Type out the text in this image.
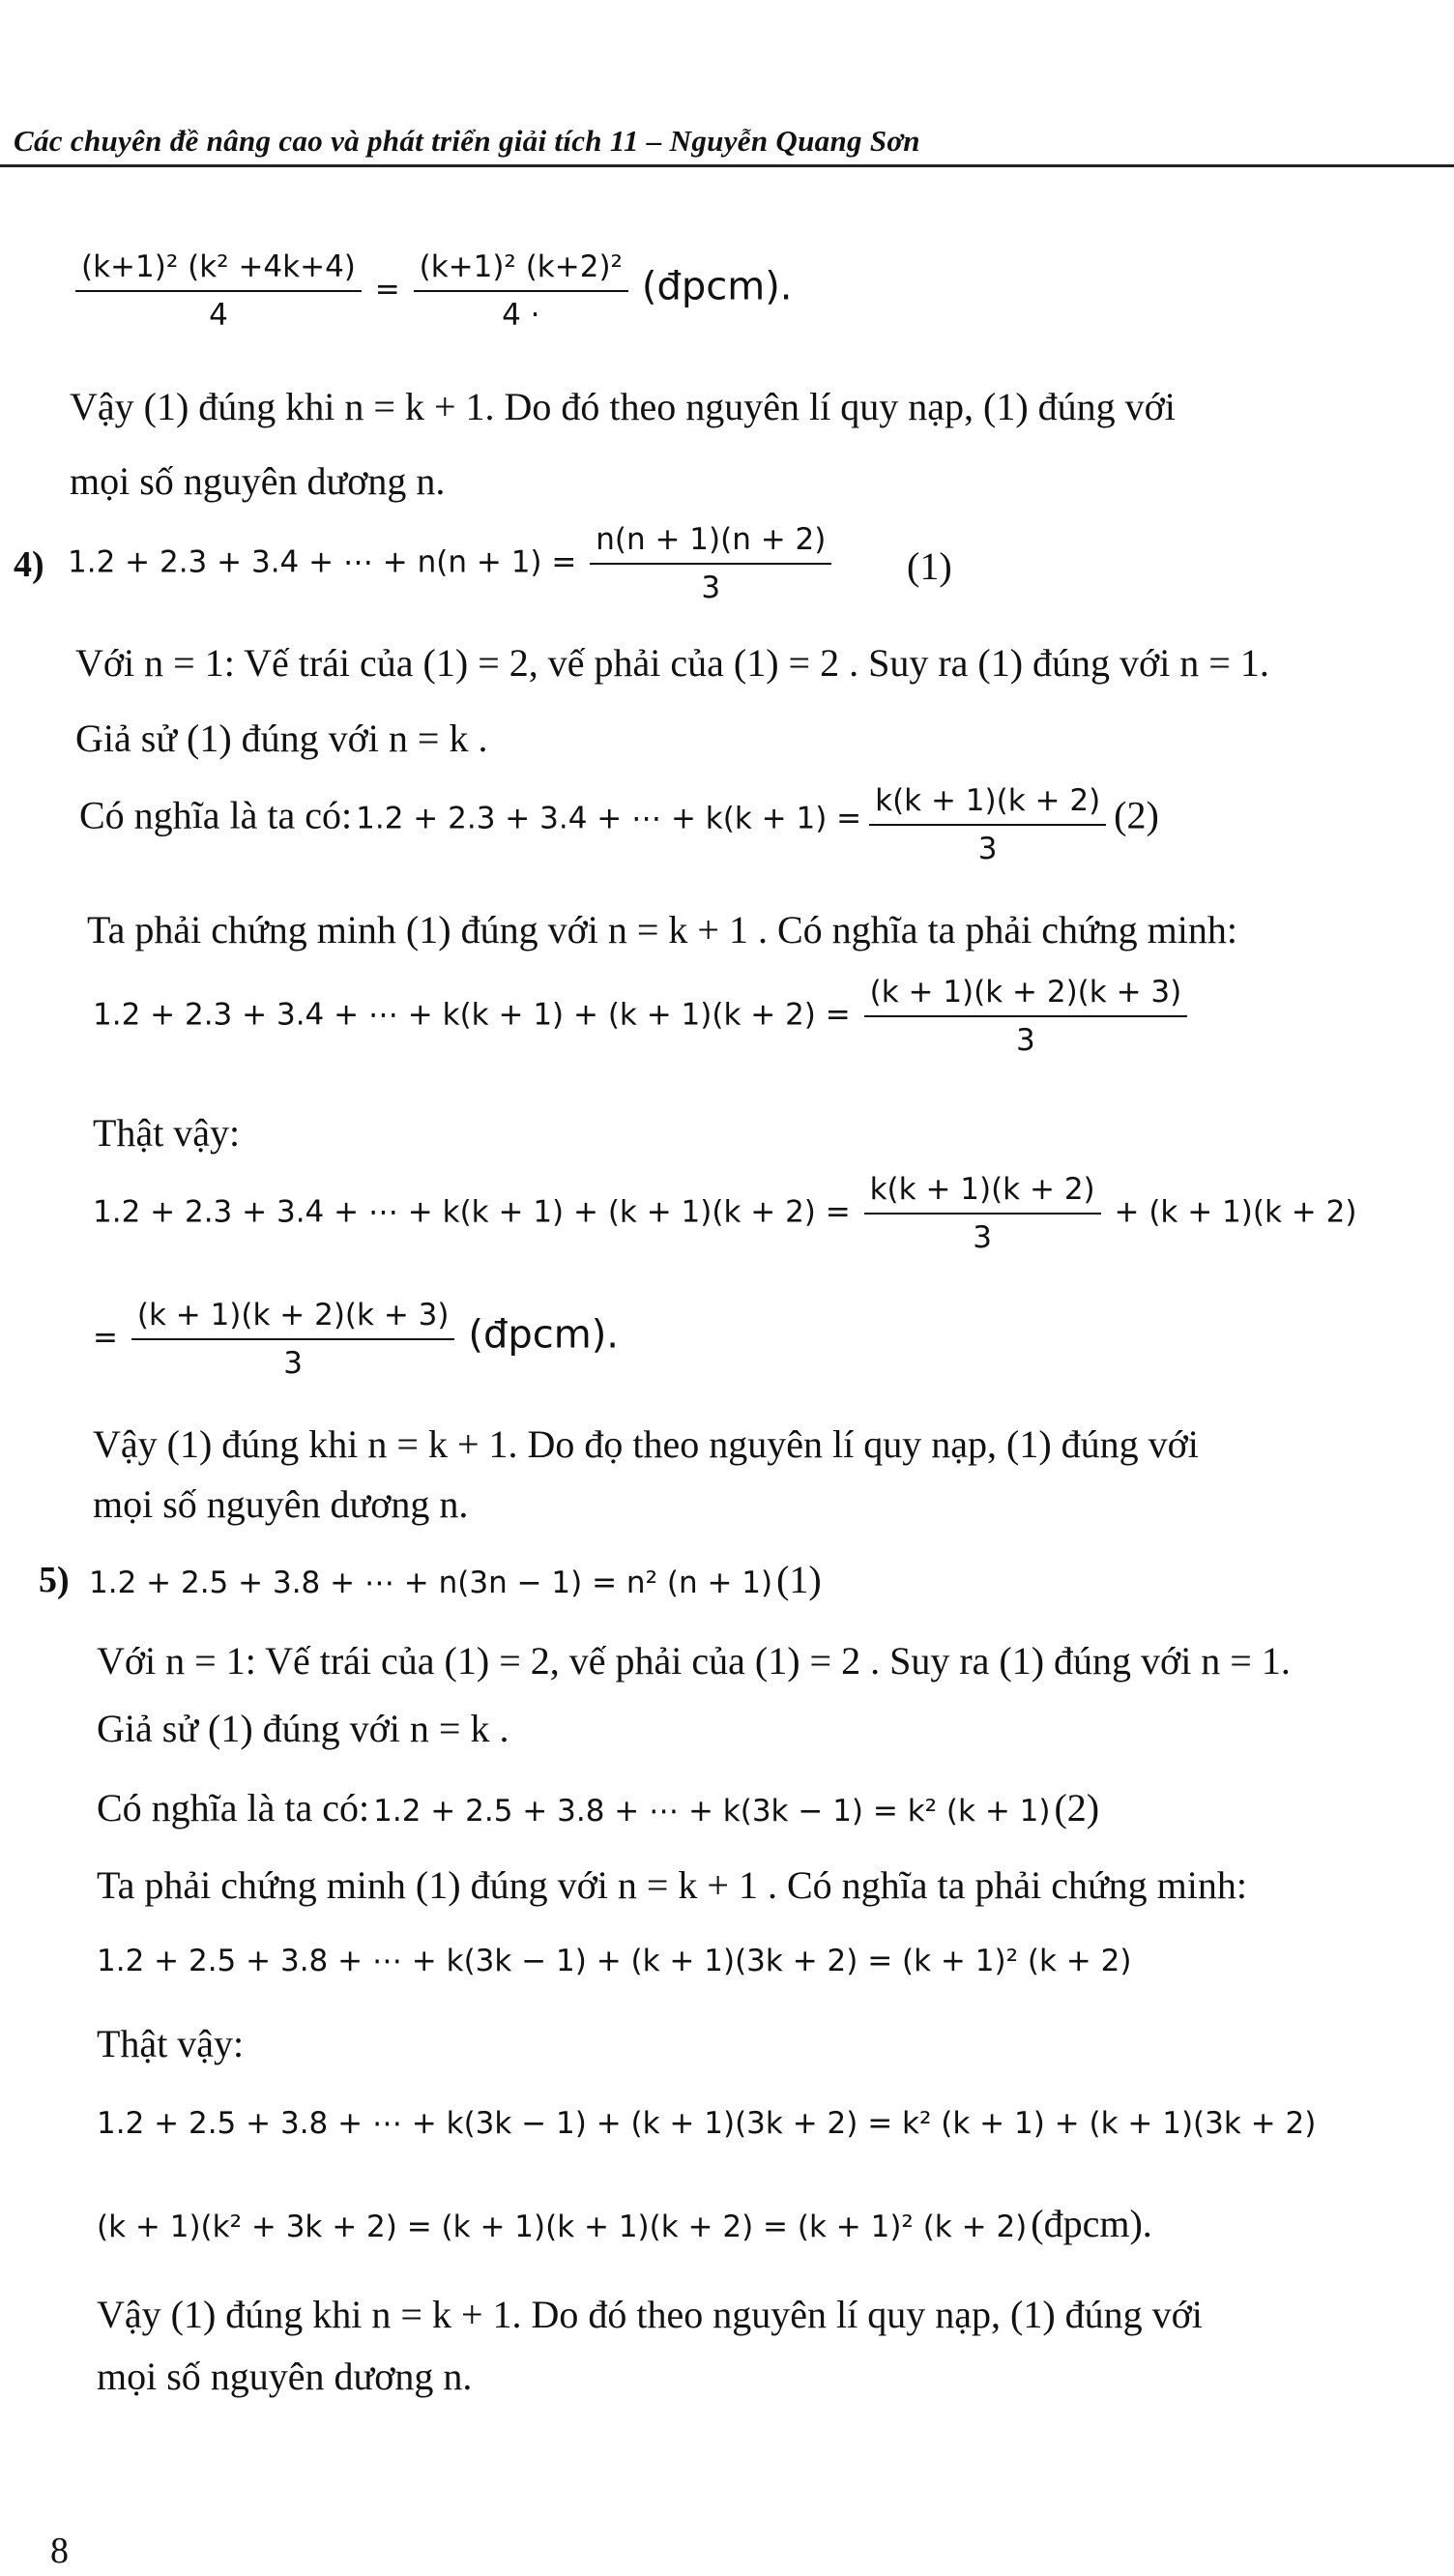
Các chuyên đề nâng cao và phát triển giải tích 11 – Nguyễn Quang Sơn
$\frac{\text{(k+1)² (k² +4k+4)}}{4} = \frac{\text{(k+1)² (k+2)²}}{4 \cdot}$ (đpcm).
Vậy (1) đúng khi n = k + 1. Do đó theo nguyên lí quy nạp, (1) đúng với
mọi số nguyên dương n.
4) 1.2 + 2.3 + 3.4 + ⋯ + $n(n + 1) = \frac{n(n + 1)(n + 2)}{3} (1)$
Với n = 1: Vế trái của (1) = 2, vế phải của (1) = 2 . Suy ra (1) đúng với n = 1.
Giả sử (1) đúng với n = k .
Có nghĩa là ta có: 1.2 + 2.3 + 3.4 + ⋯ + $k(k + 1) = \frac{k(k + 1)(k + 2)}{3} (2)$
Ta phải chứng minh (1) đúng với n = k + 1 . Có nghĩa ta phải chứng minh:
1.2 + 2.3 + 3.4 + ⋯ + $k(k + 1) + (k + 1)(k + 2) = \frac{(k + 1)(k + 2)(k + 3)}{3}$
Thật vậy:
1.2 + 2.3 + 3.4 + ⋯ + $k(k + 1) + (k + 1)(k + 2) = \frac{k(k + 1)(k + 2)}{3} + (k + 1)(k + 2)$
= $\frac{(k + 1)(k + 2)(k + 3)}{3}$ (đpcm).
Vậy (1) đúng khi n = k + 1. Do đọ theo nguyên lí quy nạp, (1) đúng với
mọi số nguyên dương n.
5) 1.2 + 2.5 + 3.8 + ⋯ + n(3n − 1) = n² (n + 1) (1)
Với n = 1: Vế trái của (1) = 2, vế phải của (1) = 2 . Suy ra (1) đúng với n = 1.
Giả sử (1) đúng với n = k .
Có nghĩa là ta có: 1.2 + 2.5 + 3.8 + ⋯ + k(3k − 1) = k² (k + 1) (2)
Ta phải chứng minh (1) đúng với n = k + 1 . Có nghĩa ta phải chứng minh:
1.2 + 2.5 + 3.8 + ⋯ + k(3k − 1) + (k + 1)(3k + 2) = (k + 1)² (k + 2)
Thật vậy:
1.2 + 2.5 + 3.8 + ⋯ + k(3k − 1) + (k + 1)(3k + 2) = k² (k + 1) + (k + 1)(3k + 2)
(k + 1)(k² + 3k + 2) = (k + 1)(k + 1)(k + 2) = (k + 1)² (k + 2) (đpcm).
Vậy (1) đúng khi n = k + 1. Do đó theo nguyên lí quy nạp, (1) đúng với
mọi số nguyên dương n.
8
